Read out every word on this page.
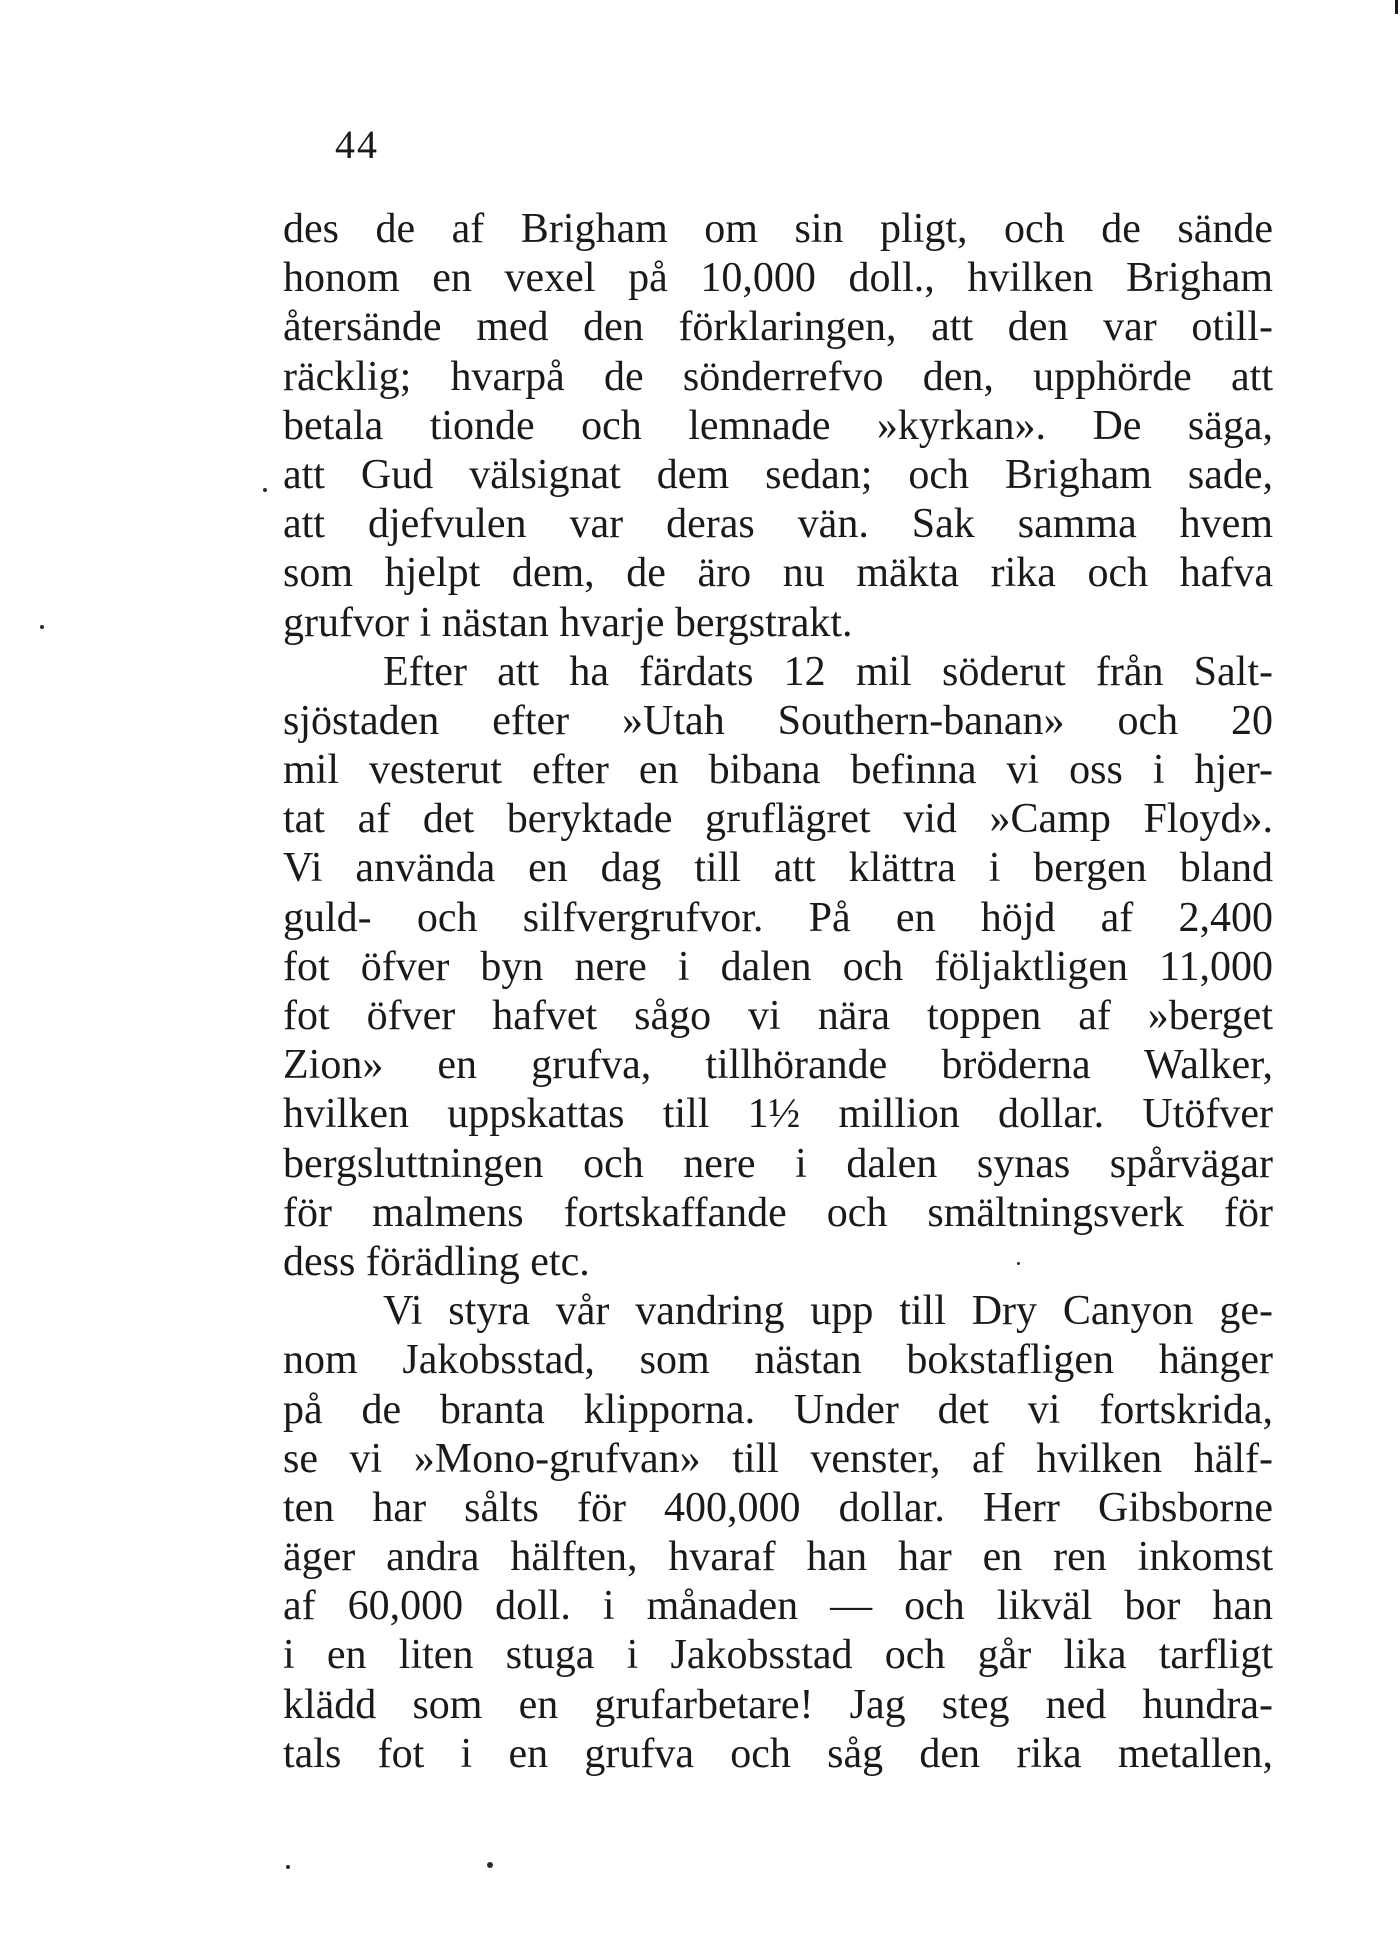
44
des de af Brigham om sin pligt, och de sände
honom en vexel på 10,000 doll., hvilken Brigham
återsände med den förklaringen, att den var otill-
räcklig; hvarpå de sönderrefvo den, upphörde att
betala tionde och lemnade »kyrkan». De säga,
att Gud välsignat dem sedan; och Brigham sade,
att djefvulen var deras vän. Sak samma hvem
som hjelpt dem, de äro nu mäkta rika och hafva
grufvor i nästan hvarje bergstrakt.
Efter att ha färdats 12 mil söderut från Salt-
sjöstaden efter »Utah Southern-banan» och 20
mil vesterut efter en bibana befinna vi oss i hjer-
tat af det beryktade gruflägret vid »Camp Floyd».
Vi använda en dag till att klättra i bergen bland
guld- och silfvergrufvor. På en höjd af 2,400
fot öfver byn nere i dalen och följaktligen 11,000
fot öfver hafvet sågo vi nära toppen af »berget
Zion» en grufva, tillhörande bröderna Walker,
hvilken uppskattas till 1½ million dollar. Utöfver
bergsluttningen och nere i dalen synas spårvägar
för malmens fortskaffande och smältningsverk för
dess förädling etc.
Vi styra vår vandring upp till Dry Canyon ge-
nom Jakobsstad, som nästan bokstafligen hänger
på de branta klipporna. Under det vi fortskrida,
se vi »Mono-grufvan» till venster, af hvilken hälf-
ten har sålts för 400,000 dollar. Herr Gibsborne
äger andra hälften, hvaraf han har en ren inkomst
af 60,000 doll. i månaden — och likväl bor han
i en liten stuga i Jakobsstad och går lika tarfligt
klädd som en grufarbetare! Jag steg ned hundra-
tals fot i en grufva och såg den rika metallen,
